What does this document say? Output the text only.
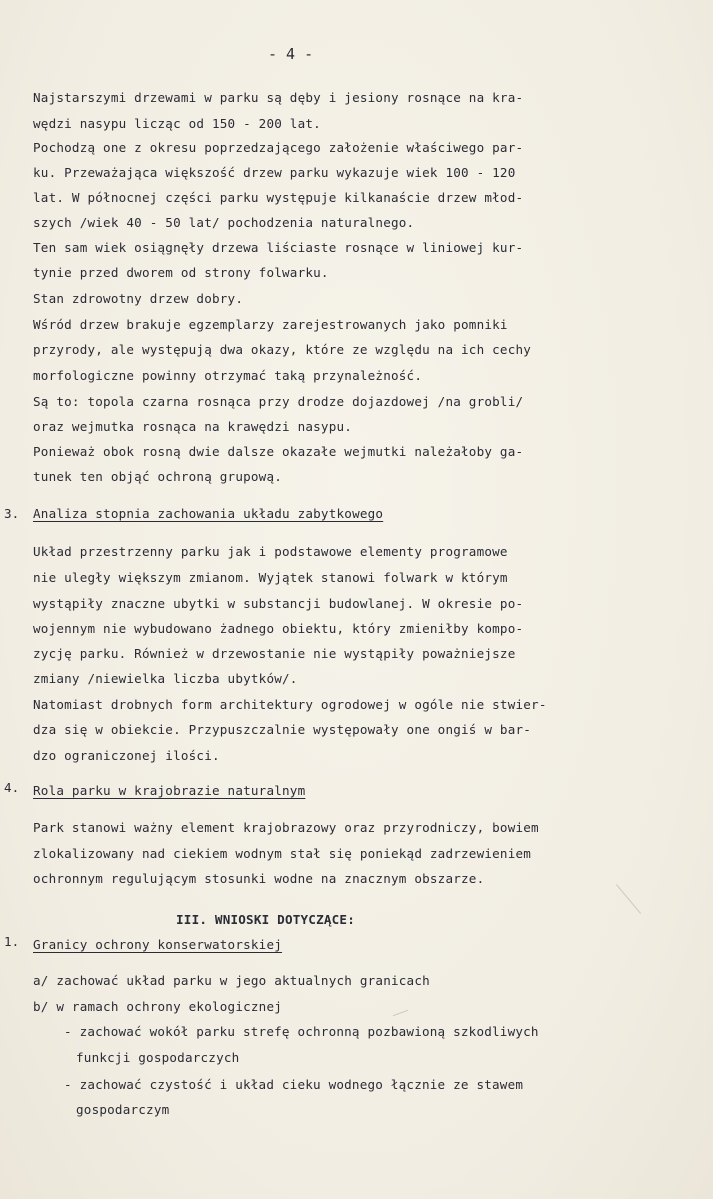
- 4 -
Najstarszymi drzewami w parku są dęby i jesiony rosnące na kra-
wędzi nasypu licząc od 150 - 200 lat.
Pochodzą one z okresu poprzedzającego założenie właściwego par-
ku. Przeważająca większość drzew parku wykazuje wiek 100 - 120
lat. W północnej części parku występuje kilkanaście drzew młod-
szych /wiek 40 - 50 lat/ pochodzenia naturalnego.
Ten sam wiek osiągnęły drzewa liściaste rosnące w liniowej kur-
tynie przed dworem od strony folwarku.
Stan zdrowotny drzew dobry.
Wśród drzew brakuje egzemplarzy zarejestrowanych jako pomniki
przyrody, ale występują dwa okazy, które ze względu na ich cechy
morfologiczne powinny otrzymać taką przynależność.
Są to: topola czarna rosnąca przy drodze dojazdowej /na grobli/
oraz wejmutka rosnąca na krawędzi nasypu.
Ponieważ obok rosną dwie dalsze okazałe wejmutki należałoby ga-
tunek ten objąć ochroną grupową.
3. Analiza stopnia zachowania układu zabytkowego
Układ przestrzenny parku jak i podstawowe elementy programowe
nie uległy większym zmianom. Wyjątek stanowi folwark w którym
wystąpiły znaczne ubytki w substancji budowlanej. W okresie po-
wojennym nie wybudowano żadnego obiektu, który zmieniłby kompo-
zycję parku. Również w drzewostanie nie wystąpiły poważniejsze
zmiany /niewielka liczba ubytków/.
Natomiast drobnych form architektury ogrodowej w ogóle nie stwier-
dza się w obiekcie. Przypuszczalnie występowały one ongiś w bar-
dzo ograniczonej ilości.
4. Rola parku w krajobrazie naturalnym
Park stanowi ważny element krajobrazowy oraz przyrodniczy, bowiem
zlokalizowany nad ciekiem wodnym stał się poniekąd zadrzewieniem
ochronnym regulującym stosunki wodne na znacznym obszarze.
III. WNIOSKI DOTYCZĄCE:
1. Granicy ochrony konserwatorskiej
a/ zachować układ parku w jego aktualnych granicach
b/ w ramach ochrony ekologicznej
- zachować wokół parku strefę ochronną pozbawioną szkodliwych
funkcji gospodarczych
- zachować czystość i układ cieku wodnego łącznie ze stawem
gospodarczym
